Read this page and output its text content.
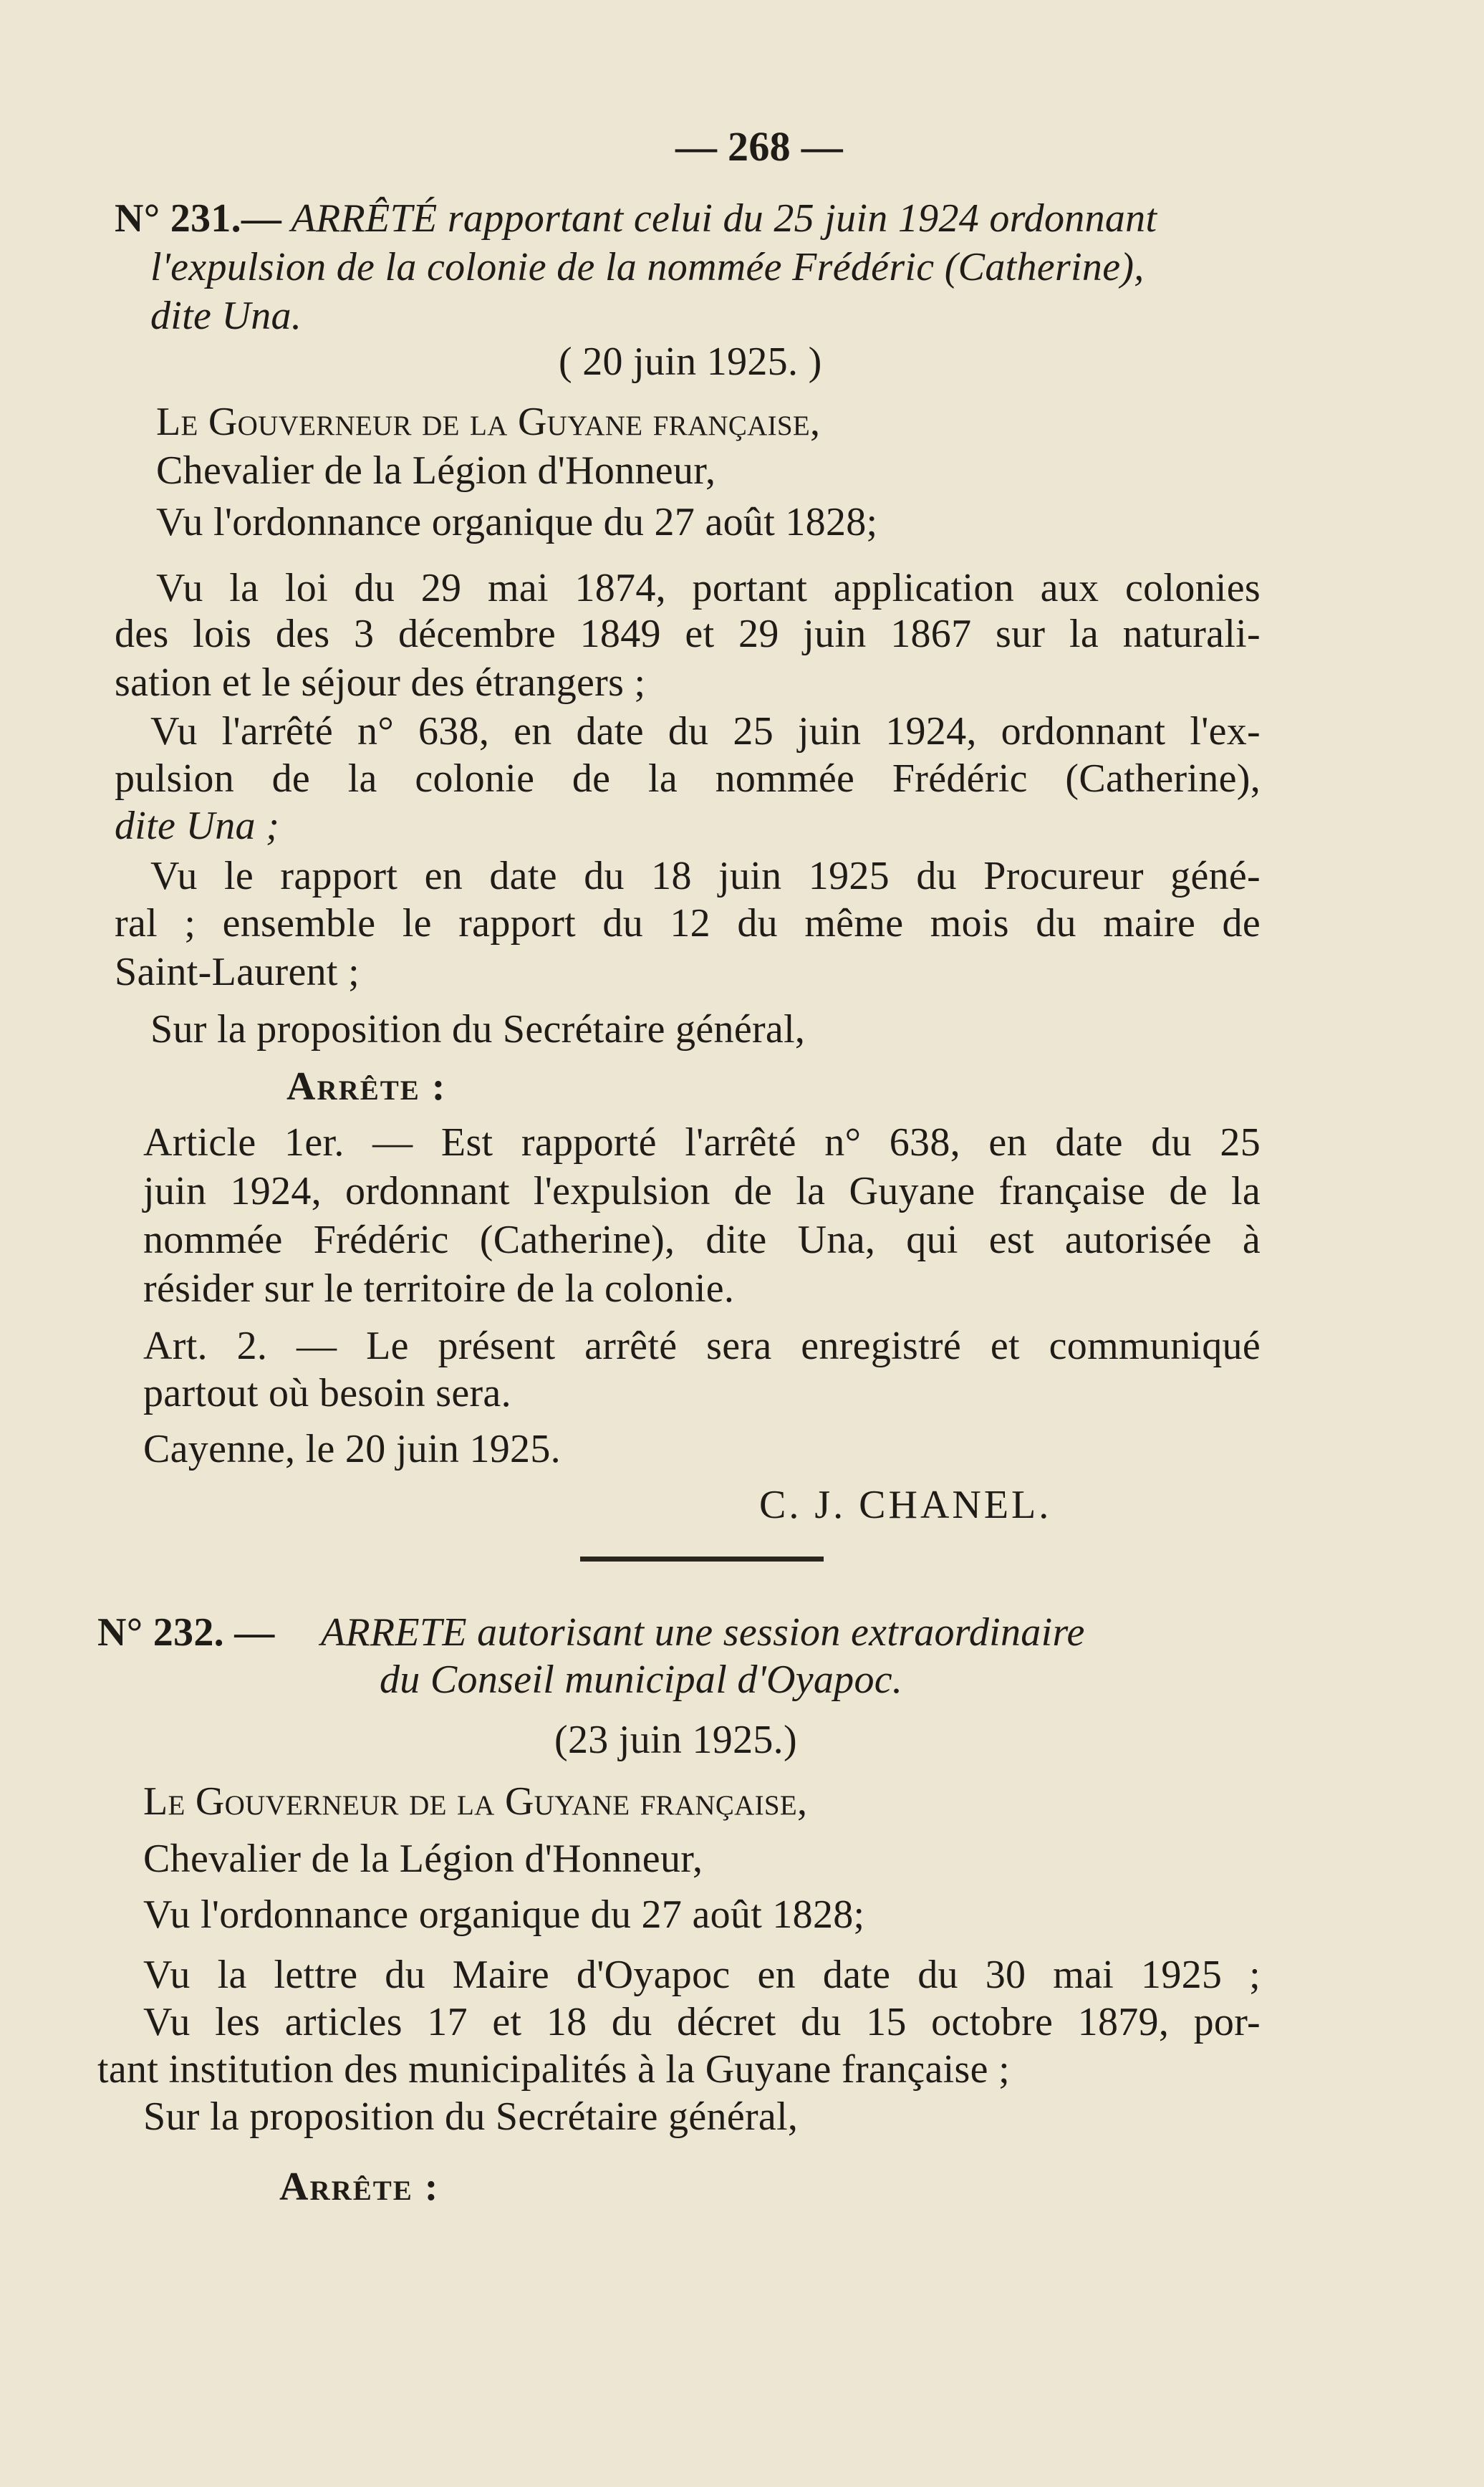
— 268 —
N° 231.— ARRÊTÉ rapportant celui du 25 juin 1924 ordonnant
l'expulsion de la colonie de la nommée Frédéric (Catherine),
dite Una.
( 20 juin 1925. )
Le Gouverneur de la Guyane française,
Chevalier de la Légion d'Honneur,
Vu l'ordonnance organique du 27 août 1828;
Vu la loi du 29 mai 1874, portant application aux colonies
des lois des 3 décembre 1849 et 29 juin 1867 sur la naturali-
sation et le séjour des étrangers ;
Vu l'arrêté n° 638, en date du 25 juin 1924, ordonnant l'ex-
pulsion de la colonie de la nommée Frédéric (Catherine),
dite Una ;
Vu le rapport en date du 18 juin 1925 du Procureur géné-
ral ; ensemble le rapport du 12 du même mois du maire de
Saint-Laurent ;
Sur la proposition du Secrétaire général,
Arrête :
Article 1er. — Est rapporté l'arrêté n° 638, en date du 25
juin 1924, ordonnant l'expulsion de la Guyane française de la
nommée Frédéric (Catherine), dite Una, qui est autorisée à
résider sur le territoire de la colonie.
Art. 2. — Le présent arrêté sera enregistré et communiqué
partout où besoin sera.
Cayenne, le 20 juin 1925.
C. J. CHANEL.
N° 232. — ARRETE autorisant une session extraordinaire
du Conseil municipal d'Oyapoc.
(23 juin 1925.)
Le Gouverneur de la Guyane française,
Chevalier de la Légion d'Honneur,
Vu l'ordonnance organique du 27 août 1828;
Vu la lettre du Maire d'Oyapoc en date du 30 mai 1925 ;
Vu les articles 17 et 18 du décret du 15 octobre 1879, por-
tant institution des municipalités à la Guyane française ;
Sur la proposition du Secrétaire général,
Arrête :
